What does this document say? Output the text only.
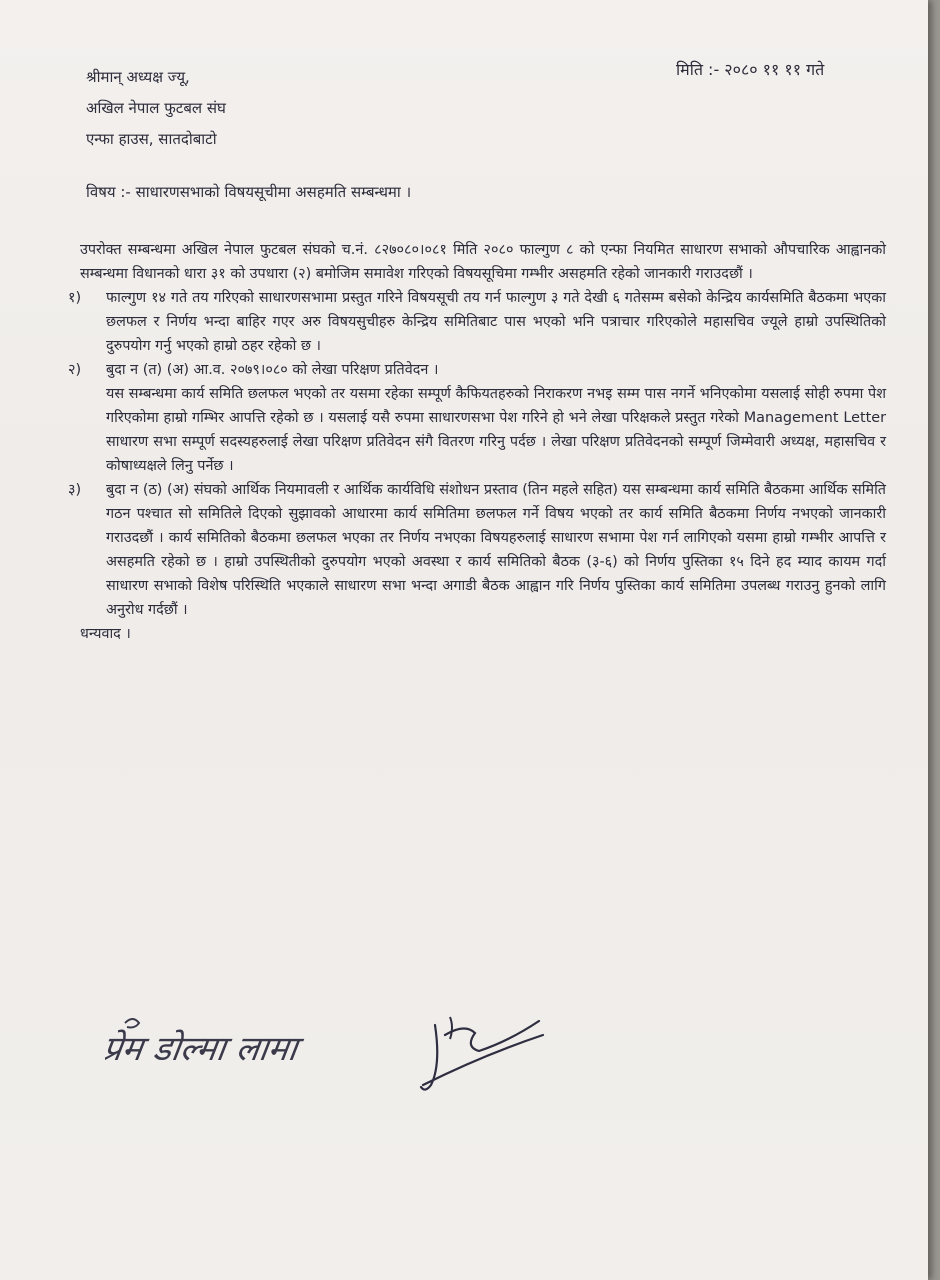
मिति :- २०८० ११ ११ गते
श्रीमान् अध्यक्ष ज्यू,
अखिल नेपाल फुटबल संघ
एन्फा हाउस, सातदोबाटो
विषय :- साधारणसभाको विषयसूचीमा असहमति सम्बन्धमा ।

उपरोक्त सम्बन्धमा अखिल नेपाल फुटबल संघको च.नं. ८२७०८०।०८१ मिति २०८० फाल्गुण ८ को एन्फा नियमित साधारण सभाको औपचारिक आह्वानको सम्बन्धमा विधानको धारा ३१ को उपधारा (२) बमोजिम समावेश गरिएको विषयसूचिमा गम्भीर असहमति रहेको जानकारी गराउदछौं ।

१) फाल्गुण १४ गते तय गरिएको साधारणसभामा प्रस्तुत गरिने विषयसूची तय गर्न फाल्गुण ३ गते देखी ६ गतेसम्म बसेको केन्द्रिय कार्यसमिति बैठकमा भएका छलफल र निर्णय भन्दा बाहिर गएर अरु विषयसुचीहरु केन्द्रिय समितिबाट पास भएको भनि पत्राचार गरिएकोले महासचिव ज्यूले हाम्रो उपस्थितिको दुरुपयोग गर्नु भएको हाम्रो ठहर रहेको छ ।
२) बुदा न (त) (अ) आ.व. २०७९।०८० को लेखा परिक्षण प्रतिवेदन ।
यस सम्बन्धमा कार्य समिति छलफल भएको तर यसमा रहेका सम्पूर्ण कैफियतहरुको निराकरण नभइ सम्म पास नगर्ने भनिएकोमा यसलाई सोही रुपमा पेश गरिएकोमा हाम्रो गम्भिर आपत्ति रहेको छ । यसलाई यसै रुपमा साधारणसभा पेश गरिने हो भने लेखा परिक्षकले प्रस्तुत गरेको Management Letter साधारण सभा सम्पूर्ण सदस्यहरुलाई लेखा परिक्षण प्रतिवेदन संगै वितरण गरिनु पर्दछ । लेखा परिक्षण प्रतिवेदनको सम्पूर्ण जिम्मेवारी अध्यक्ष, महासचिव र कोषाध्यक्षले लिनु पर्नेछ ।
३) बुदा न (ठ) (अ) संघको आर्थिक नियमावली र आर्थिक कार्यविधि संशोधन प्रस्ताव (तिन महले सहित) यस सम्बन्धमा कार्य समिति बैठकमा आर्थिक समिति गठन पश्चात सो समितिले दिएको सुझावको आधारमा कार्य समितिमा छलफल गर्ने विषय भएको तर कार्य समिति बैठकमा निर्णय नभएको जानकारी गराउदछौं । कार्य समितिको बैठकमा छलफल भएका तर निर्णय नभएका विषयहरुलाई साधारण सभामा पेश गर्न लागिएको यसमा हाम्रो गम्भीर आपत्ति र असहमति रहेको छ । हाम्रो उपस्थितीको दुरुपयोग भएको अवस्था र कार्य समितिको बैठक (३-६) को निर्णय पुस्तिका १५ दिने हद म्याद कायम गर्दा साधारण सभाको विशेष परिस्थिति भएकाले साधारण सभा भन्दा अगाडी बैठक आह्वान गरि निर्णय पुस्तिका कार्य समितिमा उपलब्ध गराउनु हुनको लागि अनुरोध गर्दछौं ।

धन्यवाद ।

प्रेम डोल्मा लामा
